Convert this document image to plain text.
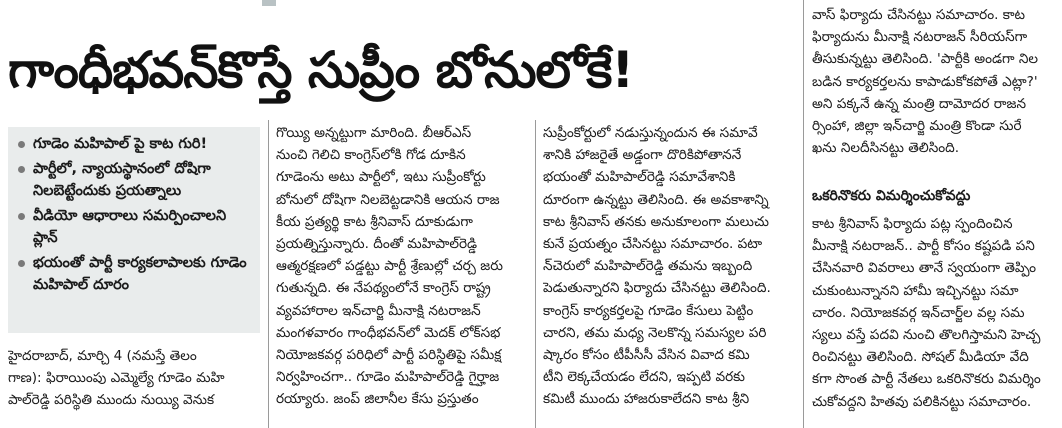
గాంధీభవన్‌కొస్తే సుప్రీం బోనులోకే!
గూడెం మహిపాల్ పై కాట గురి!
పార్టీలో, న్యాయస్థానంలో దోషిగా నిలబెట్టేందుకు ప్రయత్నాలు
వీడియో ఆధారాలు సమర్పించాలని ప్లాన్
భయంతో పార్టీ కార్యకలాపాలకు గూడెం మహిపాల్ దూరం
హైదరాబాద్, మార్చి 4 (నమస్తే తెలం
గాణ): ఫిరాయింపు ఎమ్మెల్యే గూడెం మహి
పాల్‌రెడ్డి పరిస్థితి ముందు నుయ్యి వెనుక
గొయ్యి అన్నట్టుగా మారింది. బీఆర్ఎస్
నుంచి గెలిచి కాంగ్రెస్‌లోకి గోడ దూకిన
గూడెంను అటు పార్టీలో, ఇటు సుప్రీంకోర్టు
బోనులో దోషిగా నిలబెట్టడానికి ఆయన రాజ
కీయ ప్రత్యర్థి కాట శ్రీనివాస్ దూకుడుగా
ప్రయత్నిస్తున్నారు. దీంతో మహిపాల్‌రెడ్డి
ఆత్మరక్షణలో పడ్డట్టు పార్టీ శ్రేణుల్లో చర్చ జరు
గుతున్నది. ఈ నేపథ్యంలోనే కాంగ్రెస్ రాష్ట్ర
వ్యవహారాల ఇన్‌చార్జి మీనాక్షి నటరాజన్
మంగళవారం గాంధీభవన్‌లో మెదక్ లోక్‌సభ
నియోజకవర్గ పరిధిలో పార్టీ పరిస్థితిపై సమీక్ష
నిర్వహించగా.. గూడెం మహిపాల్‌రెడ్డి గైర్హాజ
రయ్యారు. జంప్ జిలానీల కేసు ప్రస్తుతం
సుప్రీంకోర్టులో నడుస్తున్నందున ఈ సమావే
శానికి హాజరైతే అడ్డంగా దొరికిపోతాననే
భయంతో మహిపాల్‌రెడ్డి సమావేశానికి
దూరంగా ఉన్నట్టు తెలిసింది. ఈ అవకాశాన్ని
కాట శ్రీనివాస్ తనకు అనుకూలంగా మలుచు
కునే ప్రయత్నం చేసినట్టు సమాచారం. పటా
న్‌చెరులో మహిపాల్‌రెడ్డి తమను ఇబ్బంది
పెడుతున్నారని ఫిర్యాదు చేసినట్టు తెలిసింది.
కాంగ్రెస్ కార్యకర్తలపై గూడెం కేసులు పెట్టిం
చారని, తమ మధ్య నెలకొన్న సమస్యల పరి
ష్కారం కోసం టీపీసీసీ వేసిన వివాద కమి
టీని లెక్కచేయడం లేదని, ఇప్పటి వరకు
కమిటీ ముందు హాజరుకాలేదని కాట శ్రీని
వాస్ ఫిర్యాదు చేసినట్టు సమాచారం. కాట
ఫిర్యాదును మీనాక్షి నటరాజన్ సీరియస్‌గా
తీసుకున్నట్టు తెలిసింది. 'పార్టీకి అండగా నిల
బడిన కార్యకర్తలను కాపాడుకోకపోతే ఎట్లా?'
అని పక్కనే ఉన్న మంత్రి దామోదర రాజన
ర్సింహా, జిల్లా ఇన్‌చార్జి మంత్రి కొండా సురే
ఖను నిలదీసినట్టు తెలిసింది.
ఒకరినొకరు విమర్శించుకోవద్దు
కాట శ్రీనివాస్ ఫిర్యాదు పట్ల స్పందించిన
మీనాక్షి నటరాజన్.. పార్టీ కోసం కష్టపడి పని
చేసినవారి వివరాలు తానే స్వయంగా తెప్పిం
చుకుంటున్నానని హామీ ఇచ్చినట్టు సమా
చారం. నియోజకవర్గ ఇన్‌చార్జ్‌ల వల్ల సమ
స్యలు వస్తే పదవి నుంచి తొలగిస్తామని హెచ్చ
రించినట్టు తెలిసింది. సోషల్ మీడియా వేది
కగా సొంత పార్టీ నేతలు ఒకరినొకరు విమర్శిం
చుకోవద్దని హితవు పలికినట్టు సమాచారం.
